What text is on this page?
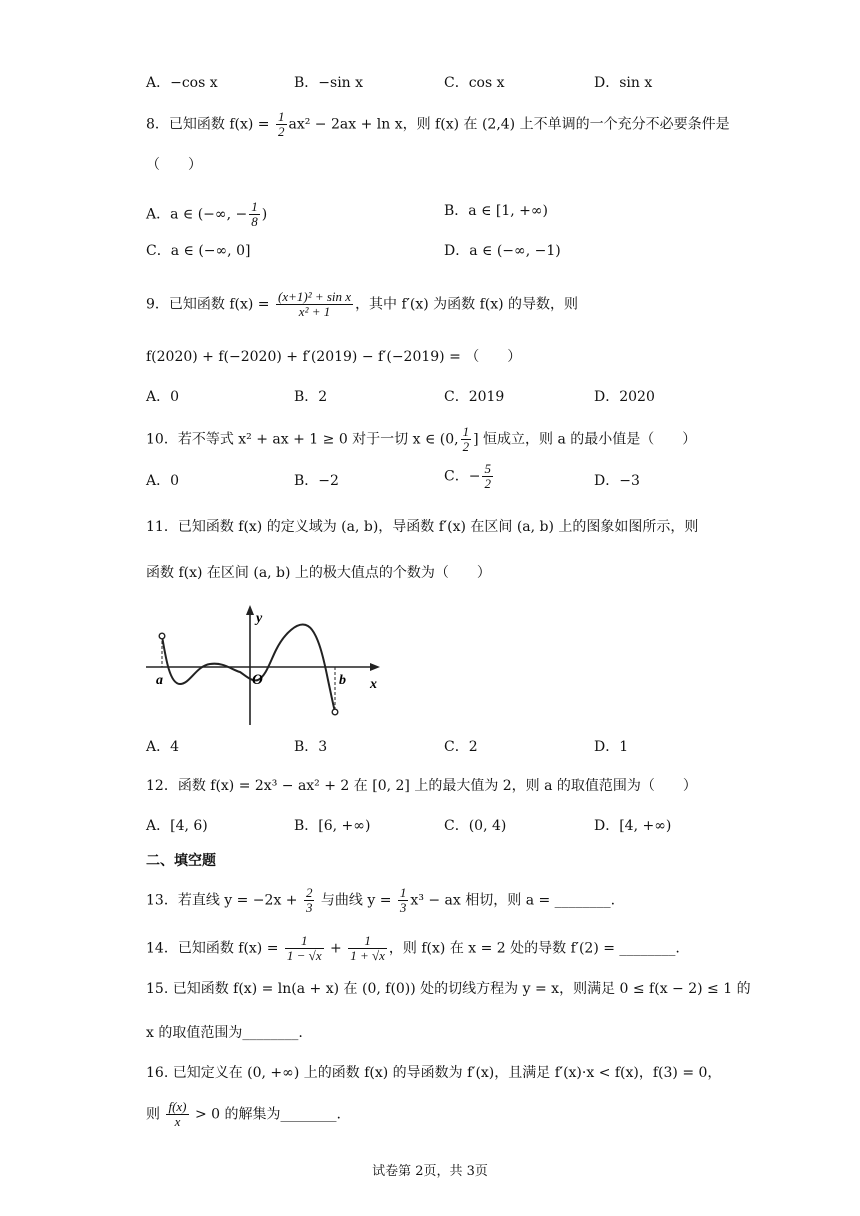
A．−cos x	B．−sin x	C．cos x	D．sin x
8．已知函数 $f(x) = \frac{1}{2} ax^2 - 2ax + \ln x$，则 f(x) 在 (2,4) 上不单调的一个充分不必要条件是
（　　）
A．a ∈ (−∞, − $\frac{1}{8}$ )	B．a ∈ [1, +∞)
C．a ∈ (−∞, 0]	D．a ∈ (−∞, −1)
9．已知函数 $f(x) = \frac{\text{(x+1)² + sin x}}{\text{x² + 1}}$ ，其中 f′(x) 为函数 f(x) 的导数，则
f(2020) + f(−2020) + f′(2019) − f′(−2019) = （　　）
A．0	B．2	C．2019	D．2020
10．若不等式 x² + ax + 1 ≥ 0 对于一切 x ∈ (0, $\frac{1}{2}$ ] 恒成立，则 a 的最小值是（　　）
A．0	B．−2	C．− $\frac{5}{2}$	D．−3
11．已知函数 f(x) 的定义域为 (a, b)，导函数 f′(x) 在区间 (a, b) 上的图象如图所示，则
函数 f(x) 在区间 (a, b) 上的极大值点的个数为（　　）
y
x
a	b
O
A．4	B．3	C．2	D．1
12．函数 f(x) = 2x³ − ax² + 2 在 [0, 2] 上的最大值为 2，则 a 的取值范围为（　　）
A．[4, 6)	B．[6, +∞)	C．(0, 4)	D．[4, +∞)
二、填空题
13．若直线 $y = -2x + \frac{2}{3}$ 与曲线 $y = \frac{1}{3} x^3$ − ax 相切，则 a = ________.
14．已知函数 $f(x) = \frac{1}{1 - √x} + \frac{1}{1 + √x}$ ，则 f(x) 在 x = 2 处的导数 f′(2) = ________.
15. 已知函数 f(x) = ln(a + x) 在 (0, f(0)) 处的切线方程为 y = x，则满足 0 ≤ f(x − 2) ≤ 1 的
x 的取值范围为________.
16. 已知定义在 (0, +∞) 上的函数 f(x) 的导函数为 f′(x)，且满足 f′(x)·x < f(x)，f(3) = 0，
则 $\frac{f(x)}{x} > 0$ 的解集为________.
试卷第 2页，共 3页
